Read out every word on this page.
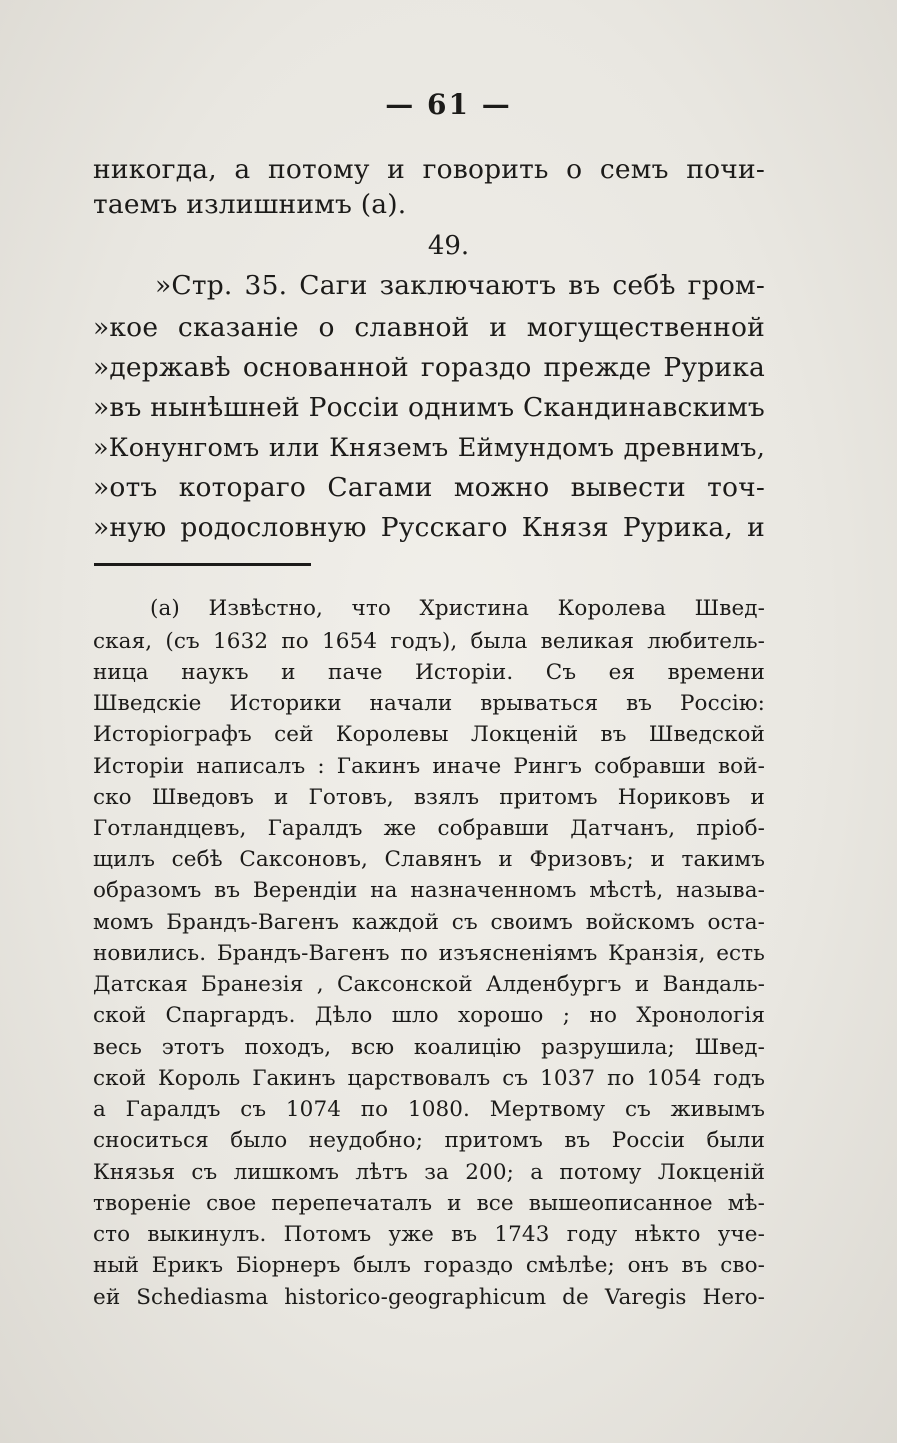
— 61 —
никогда, а потому и говорить о семъ почи-
таемъ излишнимъ (а).
49.
»Стр. 35. Саги заключаютъ въ себѣ гром-
»кое сказаніе о славной и могущественной
»державѣ основанной гораздо прежде Рурика
»въ нынѣшней Россіи однимъ Скандинавскимъ
»Конунгомъ или Княземъ Еймундомъ древнимъ,
»отъ котораго Сагами можно вывести точ-
»ную родословную Русскаго Князя Рурика, и
(а) Извѣстно, что Христина Королева Швед-
ская, (съ 1632 по 1654 годъ), была великая любитель-
ница наукъ и паче Исторіи. Съ ея времени
Шведскіе Историки начали врываться въ Россію:
Исторіографъ сей Королевы Локценій въ Шведской
Исторіи написалъ : Гакинъ иначе Рингъ собравши вой-
ско Шведовъ и Готовъ, взялъ притомъ Нориковъ и
Готландцевъ, Гаралдъ же собравши Датчанъ, пріоб-
щилъ себѣ Саксоновъ, Славянъ и Фризовъ; и такимъ
образомъ въ Верендіи на назначенномъ мѣстѣ, называ-
момъ Брандъ-Вагенъ каждой съ своимъ войскомъ оста-
новились. Брандъ-Вагенъ по изъясненіямъ Кранзія, есть
Датская Бранезія , Саксонской Алденбургъ и Вандаль-
ской Спаргардъ. Дѣло шло хорошо ; но Хронологія
весь этотъ походъ, всю коалицію разрушила; Швед-
ской Король Гакинъ царствовалъ съ 1037 по 1054 годъ
а Гаралдъ съ 1074 по 1080. Мертвому съ живымъ
сноситься было неудобно; притомъ въ Россіи были
Князья съ лишкомъ лѣтъ за 200; а потому Локценій
твореніе свое перепечаталъ и все вышеописанное мѣ-
сто выкинулъ. Потомъ уже въ 1743 году нѣкто уче-
ный Ерикъ Біорнеръ былъ гораздо смѣлѣе; онъ въ сво-
ей Schediasma historico-geographicum de Varegis Hero-
